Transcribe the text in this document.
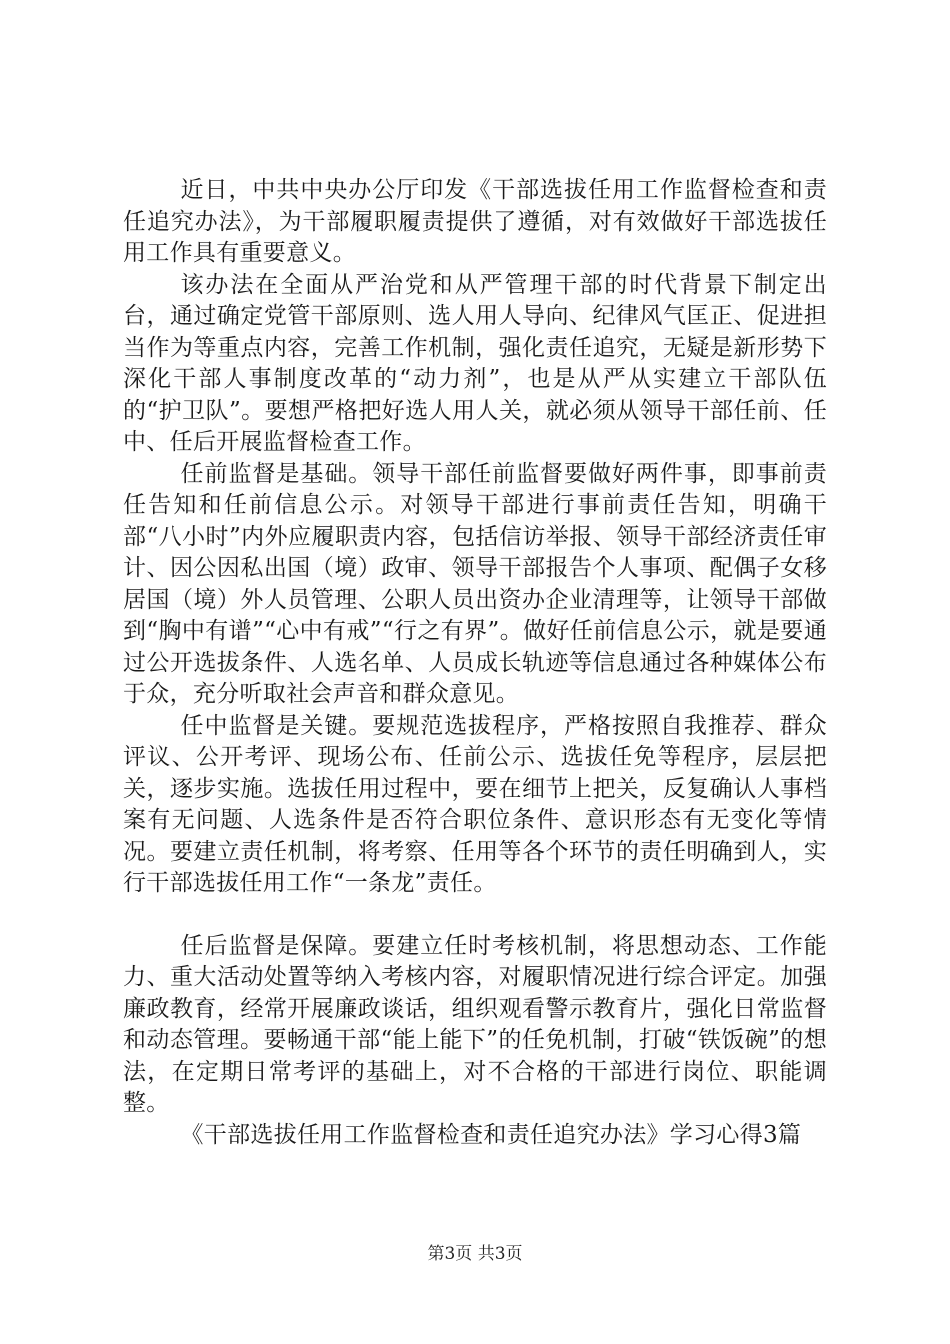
近日，中共中央办公厅印发《干部选拔任用工作监督检查和责任追究办法》，为干部履职履责提供了遵循，对有效做好干部选拔任用工作具有重要意义。

该办法在全面从严治党和从严管理干部的时代背景下制定出台，通过确定党管干部原则、选人用人导向、纪律风气匡正、促进担当作为等重点内容，完善工作机制，强化责任追究，无疑是新形势下深化干部人事制度改革的“动力剂”，也是从严从实建立干部队伍的“护卫队”。要想严格把好选人用人关，就必须从领导干部任前、任中、任后开展监督检查工作。

任前监督是基础。领导干部任前监督要做好两件事，即事前责任告知和任前信息公示。对领导干部进行事前责任告知，明确干部“八小时”内外应履职责内容，包括信访举报、领导干部经济责任审计、因公因私出国（境）政审、领导干部报告个人事项、配偶子女移居国（境）外人员管理、公职人员出资办企业清理等，让领导干部做到“胸中有谱”“心中有戒”“行之有界”。做好任前信息公示，就是要通过公开选拔条件、人选名单、人员成长轨迹等信息通过各种媒体公布于众，充分听取社会声音和群众意见。

任中监督是关键。要规范选拔程序，严格按照自我推荐、群众评议、公开考评、现场公布、任前公示、选拔任免等程序，层层把关，逐步实施。选拔任用过程中，要在细节上把关，反复确认人事档案有无问题、人选条件是否符合职位条件、意识形态有无变化等情况。要建立责任机制，将考察、任用等各个环节的责任明确到人，实行干部选拔任用工作“一条龙”责任。

任后监督是保障。要建立任时考核机制，将思想动态、工作能力、重大活动处置等纳入考核内容，对履职情况进行综合评定。加强廉政教育，经常开展廉政谈话，组织观看警示教育片，强化日常监督和动态管理。要畅通干部“能上能下”的任免机制，打破“铁饭碗”的想法，在定期日常考评的基础上，对不合格的干部进行岗位、职能调整。

《干部选拔任用工作监督检查和责任追究办法》学习心得3篇

第3页 共3页
